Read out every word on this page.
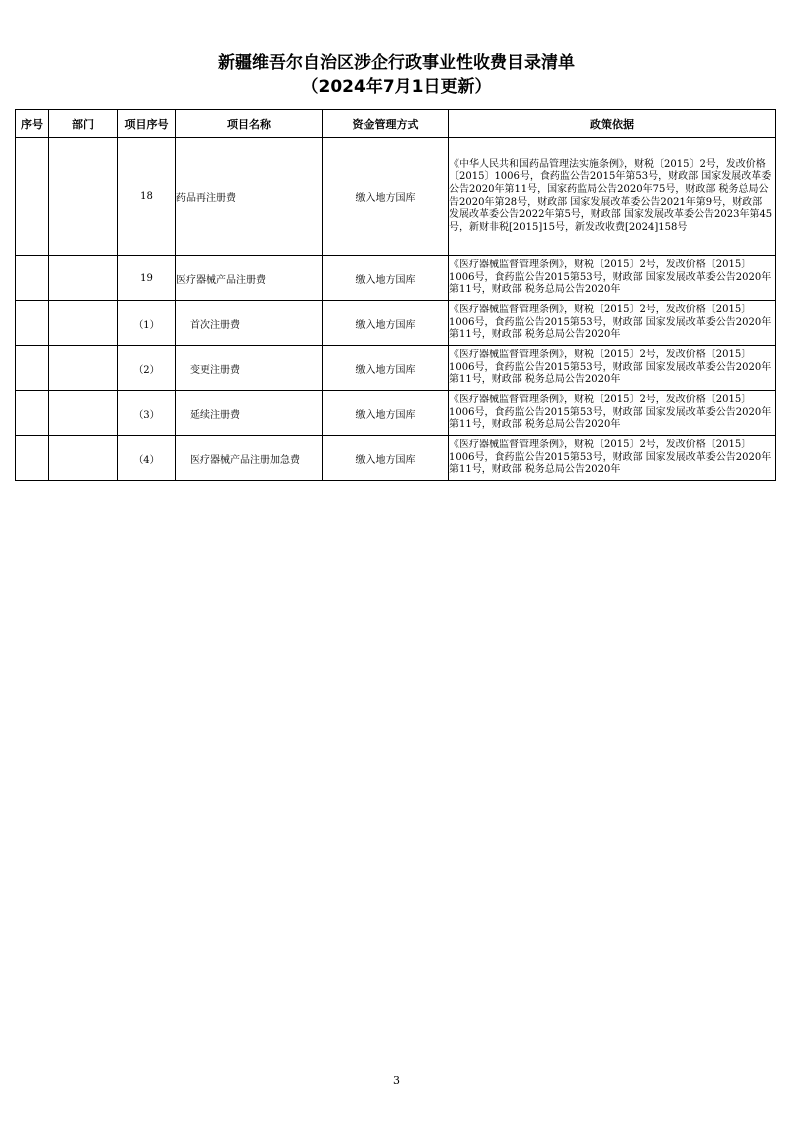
新疆维吾尔自治区涉企行政事业性收费目录清单
（2024年7月1日更新）
序号	部门	项目序号	项目名称	资金管理方式	政策依据
		18	药品再注册费	缴入地方国库	《中华人民共和国药品管理法实施条例》，财税〔2015〕2号，发改价格〔2015〕1006号，食药监公告2015年第53号，财政部 国家发展改革委公告2020年第11号，国家药监局公告2020年75号，财政部 税务总局公告2020年第28号，财政部 国家发展改革委公告2021年第9号，财政部 发展改革委公告2022年第5号，财政部 国家发展改革委公告2023年第45号，新财非税[2015]15号，新发改收费[2024]158号
		19	医疗器械产品注册费	缴入地方国库	《医疗器械监督管理条例》，财税〔2015〕2号，发改价格〔2015〕1006号，食药监公告2015第53号，财政部 国家发展改革委公告2020年第11号，财政部 税务总局公告2020年

		（1）	首次注册费	缴入地方国库	《医疗器械监督管理条例》，财税〔2015〕2号，发改价格〔2015〕1006号，食药监公告2015第53号，财政部 国家发展改革委公告2020年第11号，财政部 税务总局公告2020年

		（2）	变更注册费	缴入地方国库	《医疗器械监督管理条例》，财税〔2015〕2号，发改价格〔2015〕1006号，食药监公告2015第53号，财政部 国家发展改革委公告2020年第11号，财政部 税务总局公告2020年

		（3）	延续注册费	缴入地方国库	《医疗器械监督管理条例》，财税〔2015〕2号，发改价格〔2015〕1006号，食药监公告2015第53号，财政部 国家发展改革委公告2020年第11号，财政部 税务总局公告2020年

		（4）	医疗器械产品注册加急费	缴入地方国库	《医疗器械监督管理条例》，财税〔2015〕2号，发改价格〔2015〕1006号，食药监公告2015第53号，财政部 国家发展改革委公告2020年第11号，财政部 税务总局公告2020年
3
